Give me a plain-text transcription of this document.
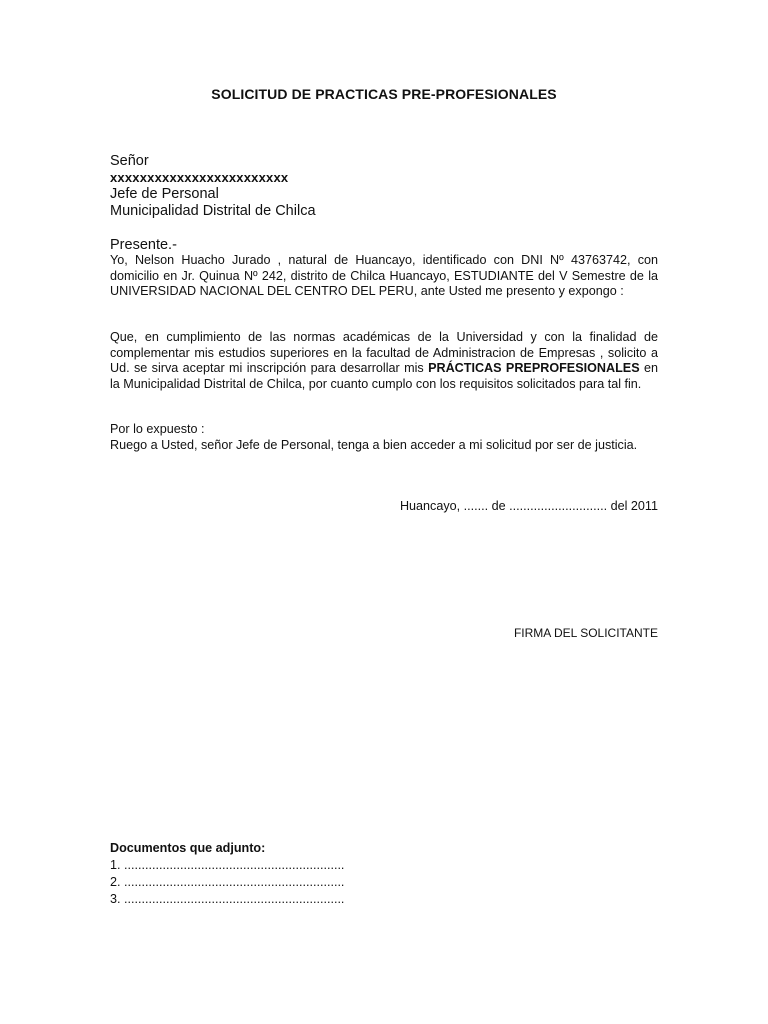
SOLICITUD DE PRACTICAS PRE-PROFESIONALES
Señor
xxxxxxxxxxxxxxxxxxxxxxxx
Jefe de Personal
Municipalidad Distrital de Chilca
Presente.-
Yo, Nelson Huacho Jurado , natural de Huancayo, identificado con DNI Nº 43763742, con domicilio en Jr. Quinua Nº 242, distrito de Chilca Huancayo, ESTUDIANTE del V Semestre de la UNIVERSIDAD NACIONAL DEL CENTRO DEL PERU, ante Usted me presento y expongo :
Que, en cumplimiento de las normas académicas de la Universidad y con la finalidad de complementar mis estudios superiores en la facultad de Administracion de Empresas , solicito a Ud. se sirva aceptar mi inscripción para desarrollar mis PRÁCTICAS PREPROFESIONALES en la Municipalidad Distrital de Chilca, por cuanto cumplo con los requisitos solicitados para tal fin.
Por lo expuesto :
Ruego a Usted, señor Jefe de Personal, tenga a bien acceder a mi solicitud por ser de justicia.
Huancayo, ....... de ............................ del 2011
FIRMA DEL SOLICITANTE
Documentos que adjunto:
1. ...............................................................
2. ...............................................................
3. ...............................................................
